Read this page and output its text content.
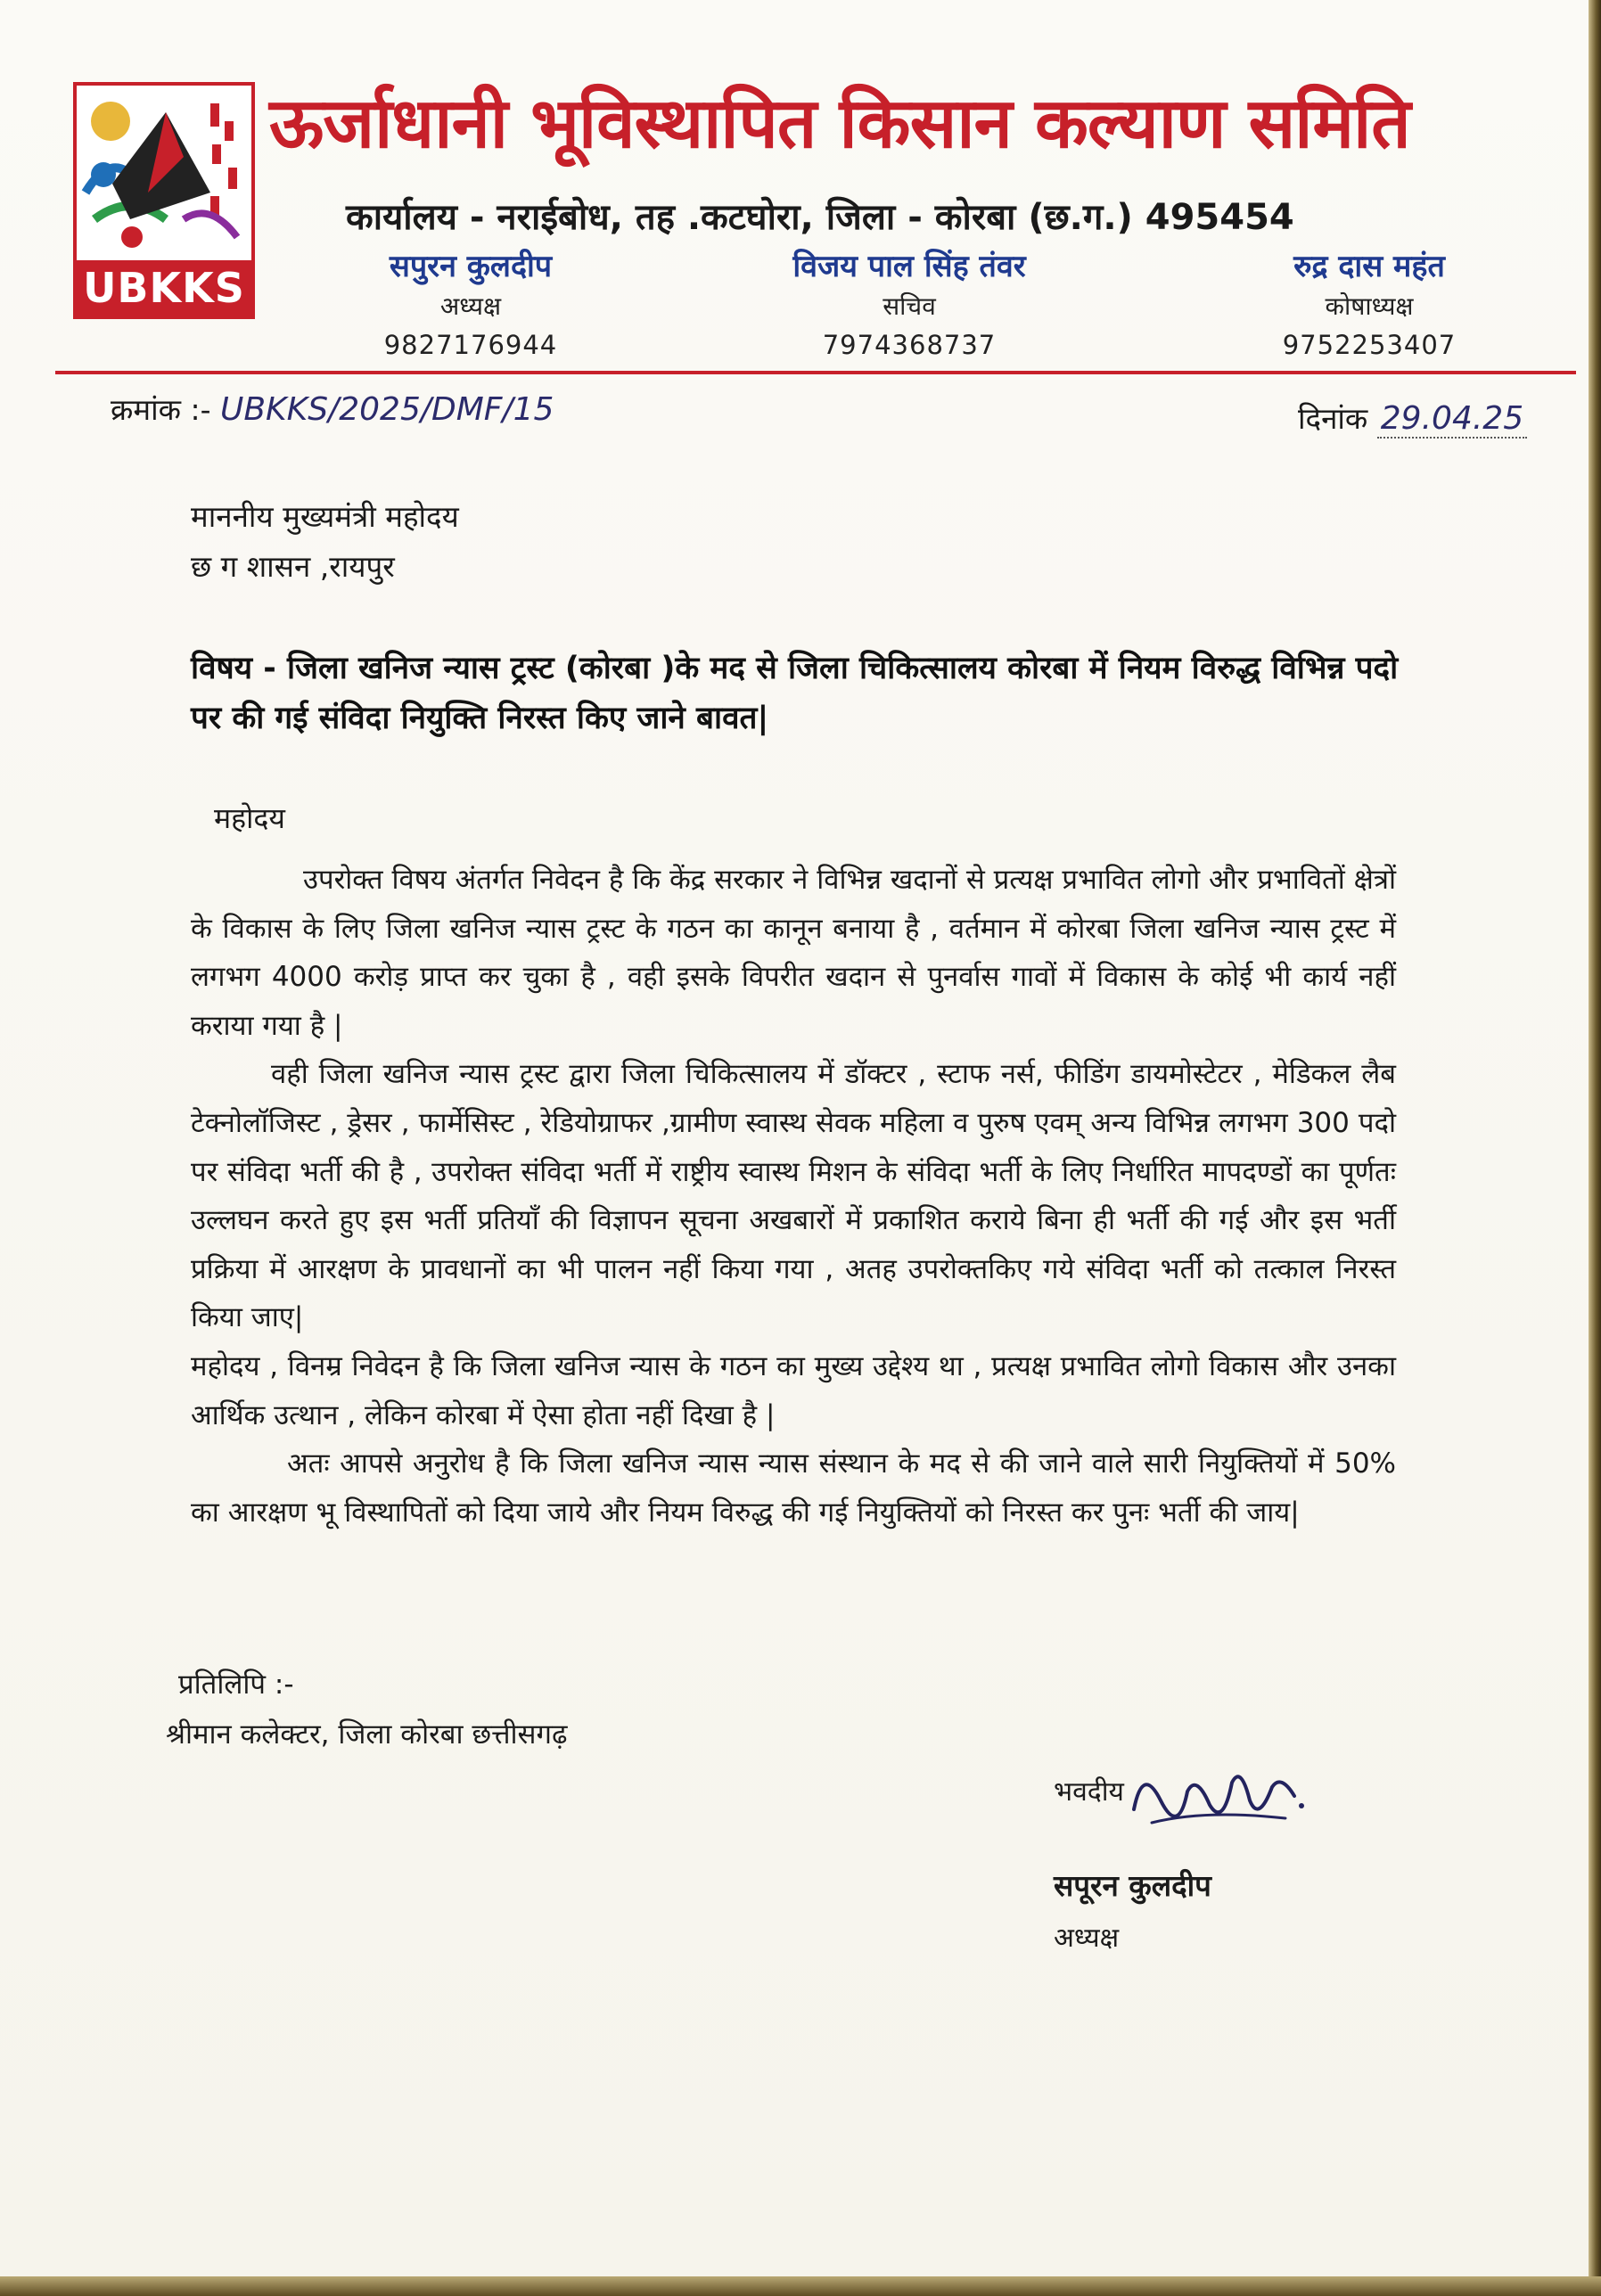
UBKKS
ऊर्जाधानी भूविस्थापित किसान कल्याण समिति
कार्यालय - नराईबोध, तह .कटघोरा, जिला - कोरबा (छ.ग.) 495454
सपुरन कुलदीप
अध्यक्ष
9827176944
विजय पाल सिंह तंवर
सचिव
7974368737
रुद्र दास महंत
कोषाध्यक्ष
9752253407
क्रमांक :- UBKKS/2025/DMF/15	दिनांक 29.04.25
माननीय मुख्यमंत्री महोदय
छ ग शासन ,रायपुर
विषय - जिला खनिज न्यास ट्रस्ट (कोरबा )के मद से जिला चिकित्सालय कोरबा में नियम विरुद्ध विभिन्न पदो पर की गई संविदा नियुक्ति निरस्त किए जाने बावत|
महोदय

उपरोक्त विषय अंतर्गत निवेदन है कि केंद्र सरकार ने विभिन्न खदानों से प्रत्यक्ष प्रभावित लोगो और प्रभावितों क्षेत्रों के विकास के लिए जिला खनिज न्यास ट्रस्ट के गठन का कानून बनाया है , वर्तमान में कोरबा जिला खनिज न्यास ट्रस्ट में लगभग 4000 करोड़ प्राप्त कर चुका है , वही इसके विपरीत खदान से पुनर्वास गावों में विकास के कोई भी कार्य नहीं कराया गया है |

वही जिला खनिज न्यास ट्रस्ट द्वारा जिला चिकित्सालय में डॉक्टर , स्टाफ नर्स, फीडिंग डायमोस्टेटर , मेडिकल लैब टेक्नोलॉजिस्ट , ड्रेसर , फार्मेसिस्ट , रेडियोग्राफर ,ग्रामीण स्वास्थ सेवक महिला व पुरुष एवम् अन्य विभिन्न लगभग 300 पदो पर संविदा भर्ती की है , उपरोक्त संविदा भर्ती में राष्ट्रीय स्वास्थ मिशन के संविदा भर्ती के लिए निर्धारित मापदण्डों का पूर्णतः उल्लघन करते हुए इस भर्ती प्रतियाँ की विज्ञापन सूचना अखबारों में प्रकाशित कराये बिना ही भर्ती की गई और इस भर्ती प्रक्रिया में आरक्षण के प्रावधानों का भी पालन नहीं किया गया , अतह उपरोक्तकिए गये संविदा भर्ती को तत्काल निरस्त किया जाए|

महोदय , विनम्र निवेदन है कि जिला खनिज न्यास के गठन का मुख्य उद्देश्य था , प्रत्यक्ष प्रभावित लोगो विकास और उनका आर्थिक उत्थान , लेकिन कोरबा में ऐसा होता नहीं दिखा है |

अतः आपसे अनुरोध है कि जिला खनिज न्यास न्यास संस्थान के मद से की जाने वाले सारी नियुक्तियों में 50% का आरक्षण भू विस्थापितों को दिया जाये और नियम विरुद्ध की गई नियुक्तियों को निरस्त कर पुनः भर्ती की जाय|

प्रतिलिपि :-
श्रीमान कलेक्टर, जिला कोरबा छत्तीसगढ़
भवदीय
सपूरन कुलदीप
अध्यक्ष
